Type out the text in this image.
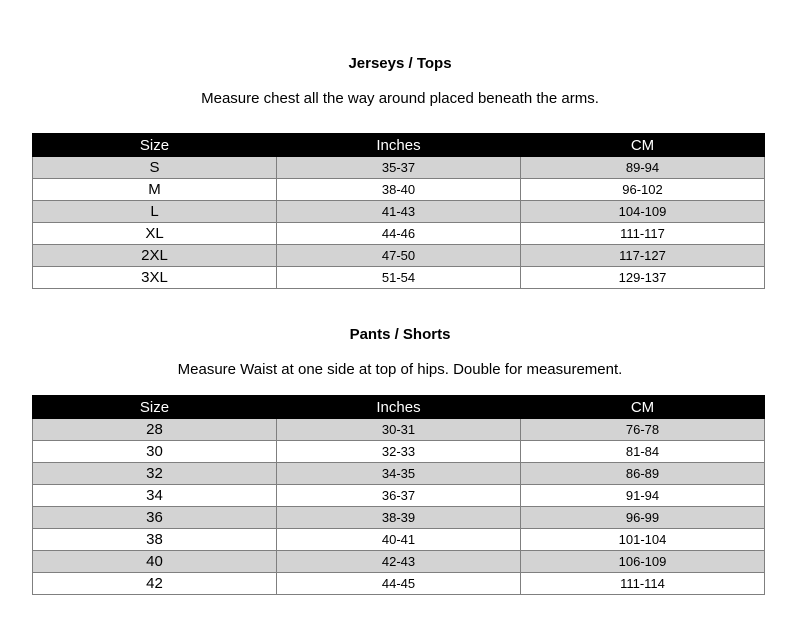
Jerseys / Tops
Measure chest all the way around placed beneath the arms.
Size	Inches	CM
S	35-37	89-94
M	38-40	96-102
L	41-43	104-109
XL	44-46	111-117
2XL	47-50	117-127
3XL	51-54	129-137
Pants / Shorts
Measure Waist at one side at top of hips. Double for measurement.
Size	Inches	CM
28	30-31	76-78
30	32-33	81-84
32	34-35	86-89
34	36-37	91-94
36	38-39	96-99
38	40-41	101-104
40	42-43	106-109
42	44-45	111-114
